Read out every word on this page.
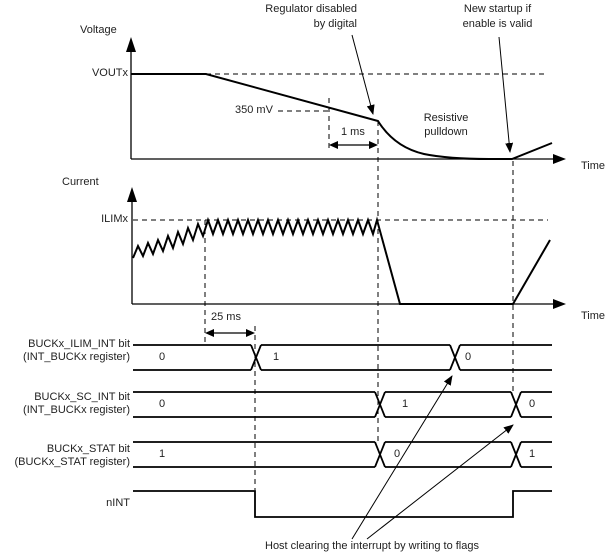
Voltage
VOUTx
Regulator disabled
by digital
New startup if
enable is valid
350 mV
1 ms
Resistive
pulldown
Time
Current
ILIMx
25 ms	Time
BUCKx_ILIM_INT bit
(INT_BUCKx register)
BUCKx_SC_INT bit
(INT_BUCKx register)
BUCKx_STAT bit
(BUCKx_STAT register)
nINT
0	1	0
0	1	0
1	0	1
Host clearing the interrupt by writing to flags
